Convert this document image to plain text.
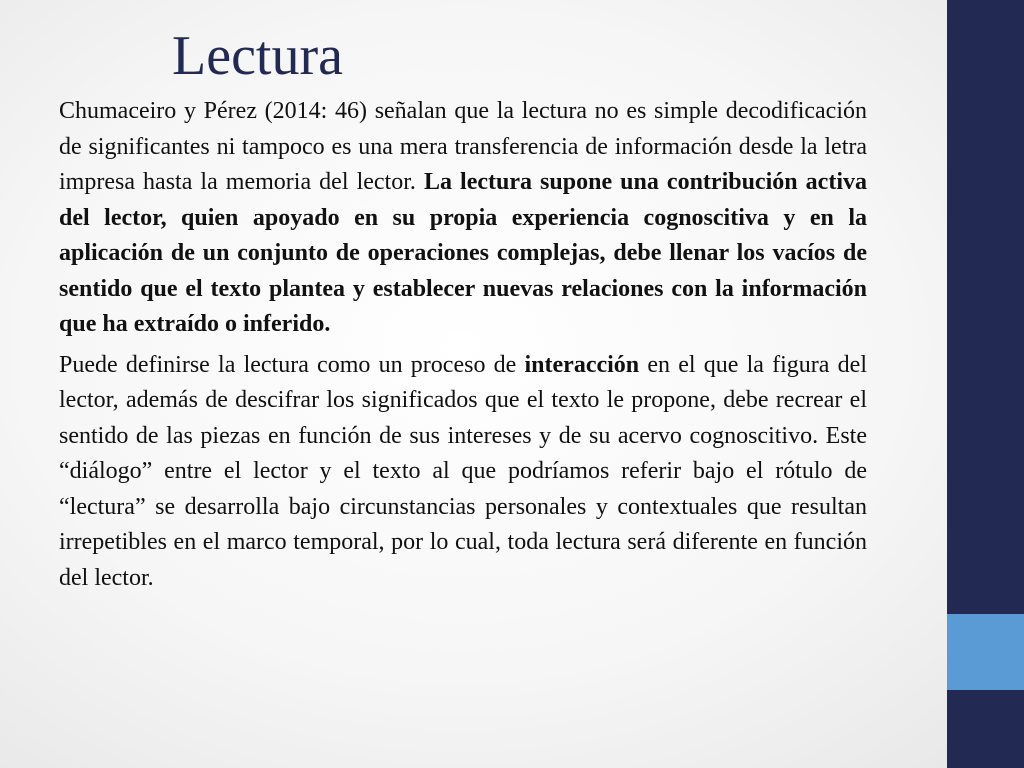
Lectura

Chumaceiro y Pérez (2014: 46) señalan que la lectura no es simple decodificación de significantes ni tampoco es una mera transferencia de información desde la letra impresa hasta la memoria del lector. La lectura supone una contribución activa del lector, quien apoyado en su propia experiencia cognoscitiva y en la aplicación de un conjunto de operaciones complejas, debe llenar los vacíos de sentido que el texto plantea y establecer nuevas relaciones con la información que ha extraído o inferido.

Puede definirse la lectura como un proceso de interacción en el que la figura del lector, además de descifrar los significados que el texto le propone, debe recrear el sentido de las piezas en función de sus intereses y de su acervo cognoscitivo. Este “diálogo” entre el lector y el texto al que podríamos referir bajo el rótulo de “lectura” se desarrolla bajo circunstancias personales y contextuales que resultan irrepetibles en el marco temporal, por lo cual, toda lectura será diferente en función del lector.
